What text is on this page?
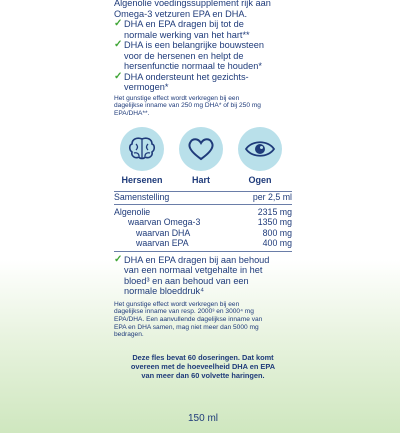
Algenolie voedingssupplement rijk aan
Omega-3 vetzuren EPA en DHA.
✓ DHA en EPA dragen bij tot de
normale werking van het hart**
✓ DHA is een belangrijke bouwsteen
voor de hersenen en helpt de
hersenfunctie normaal te houden*
✓ DHA ondersteunt het gezichts-
vermogen*
Het gunstige effect wordt verkregen bij een
dagelijkse inname van 250 mg DHA* of bij 250 mg
EPA/DHA**.
Hersenen	Hart	Ogen
Samenstelling	per 2,5 ml
Algenolie	2315 mg
waarvan Omega-3	1350 mg
waarvan DHA	800 mg
waarvan EPA	400 mg
✓ DHA en EPA dragen bij aan behoud
van een normaal vetgehalte in het
bloed³ en aan behoud van een
normale bloeddruk⁴
Het gunstige effect wordt verkregen bij een
dagelijkse inname van resp. 2000³ en 3000⁴ mg
EPA/DHA. Een aanvullende dagelijkse inname van
EPA en DHA samen, mag niet meer dan 5000 mg
bedragen.
Deze fles bevat 60 doseringen. Dat komt
overeen met de hoeveelheid DHA en EPA
van meer dan 60 volvette haringen.
150 ml
